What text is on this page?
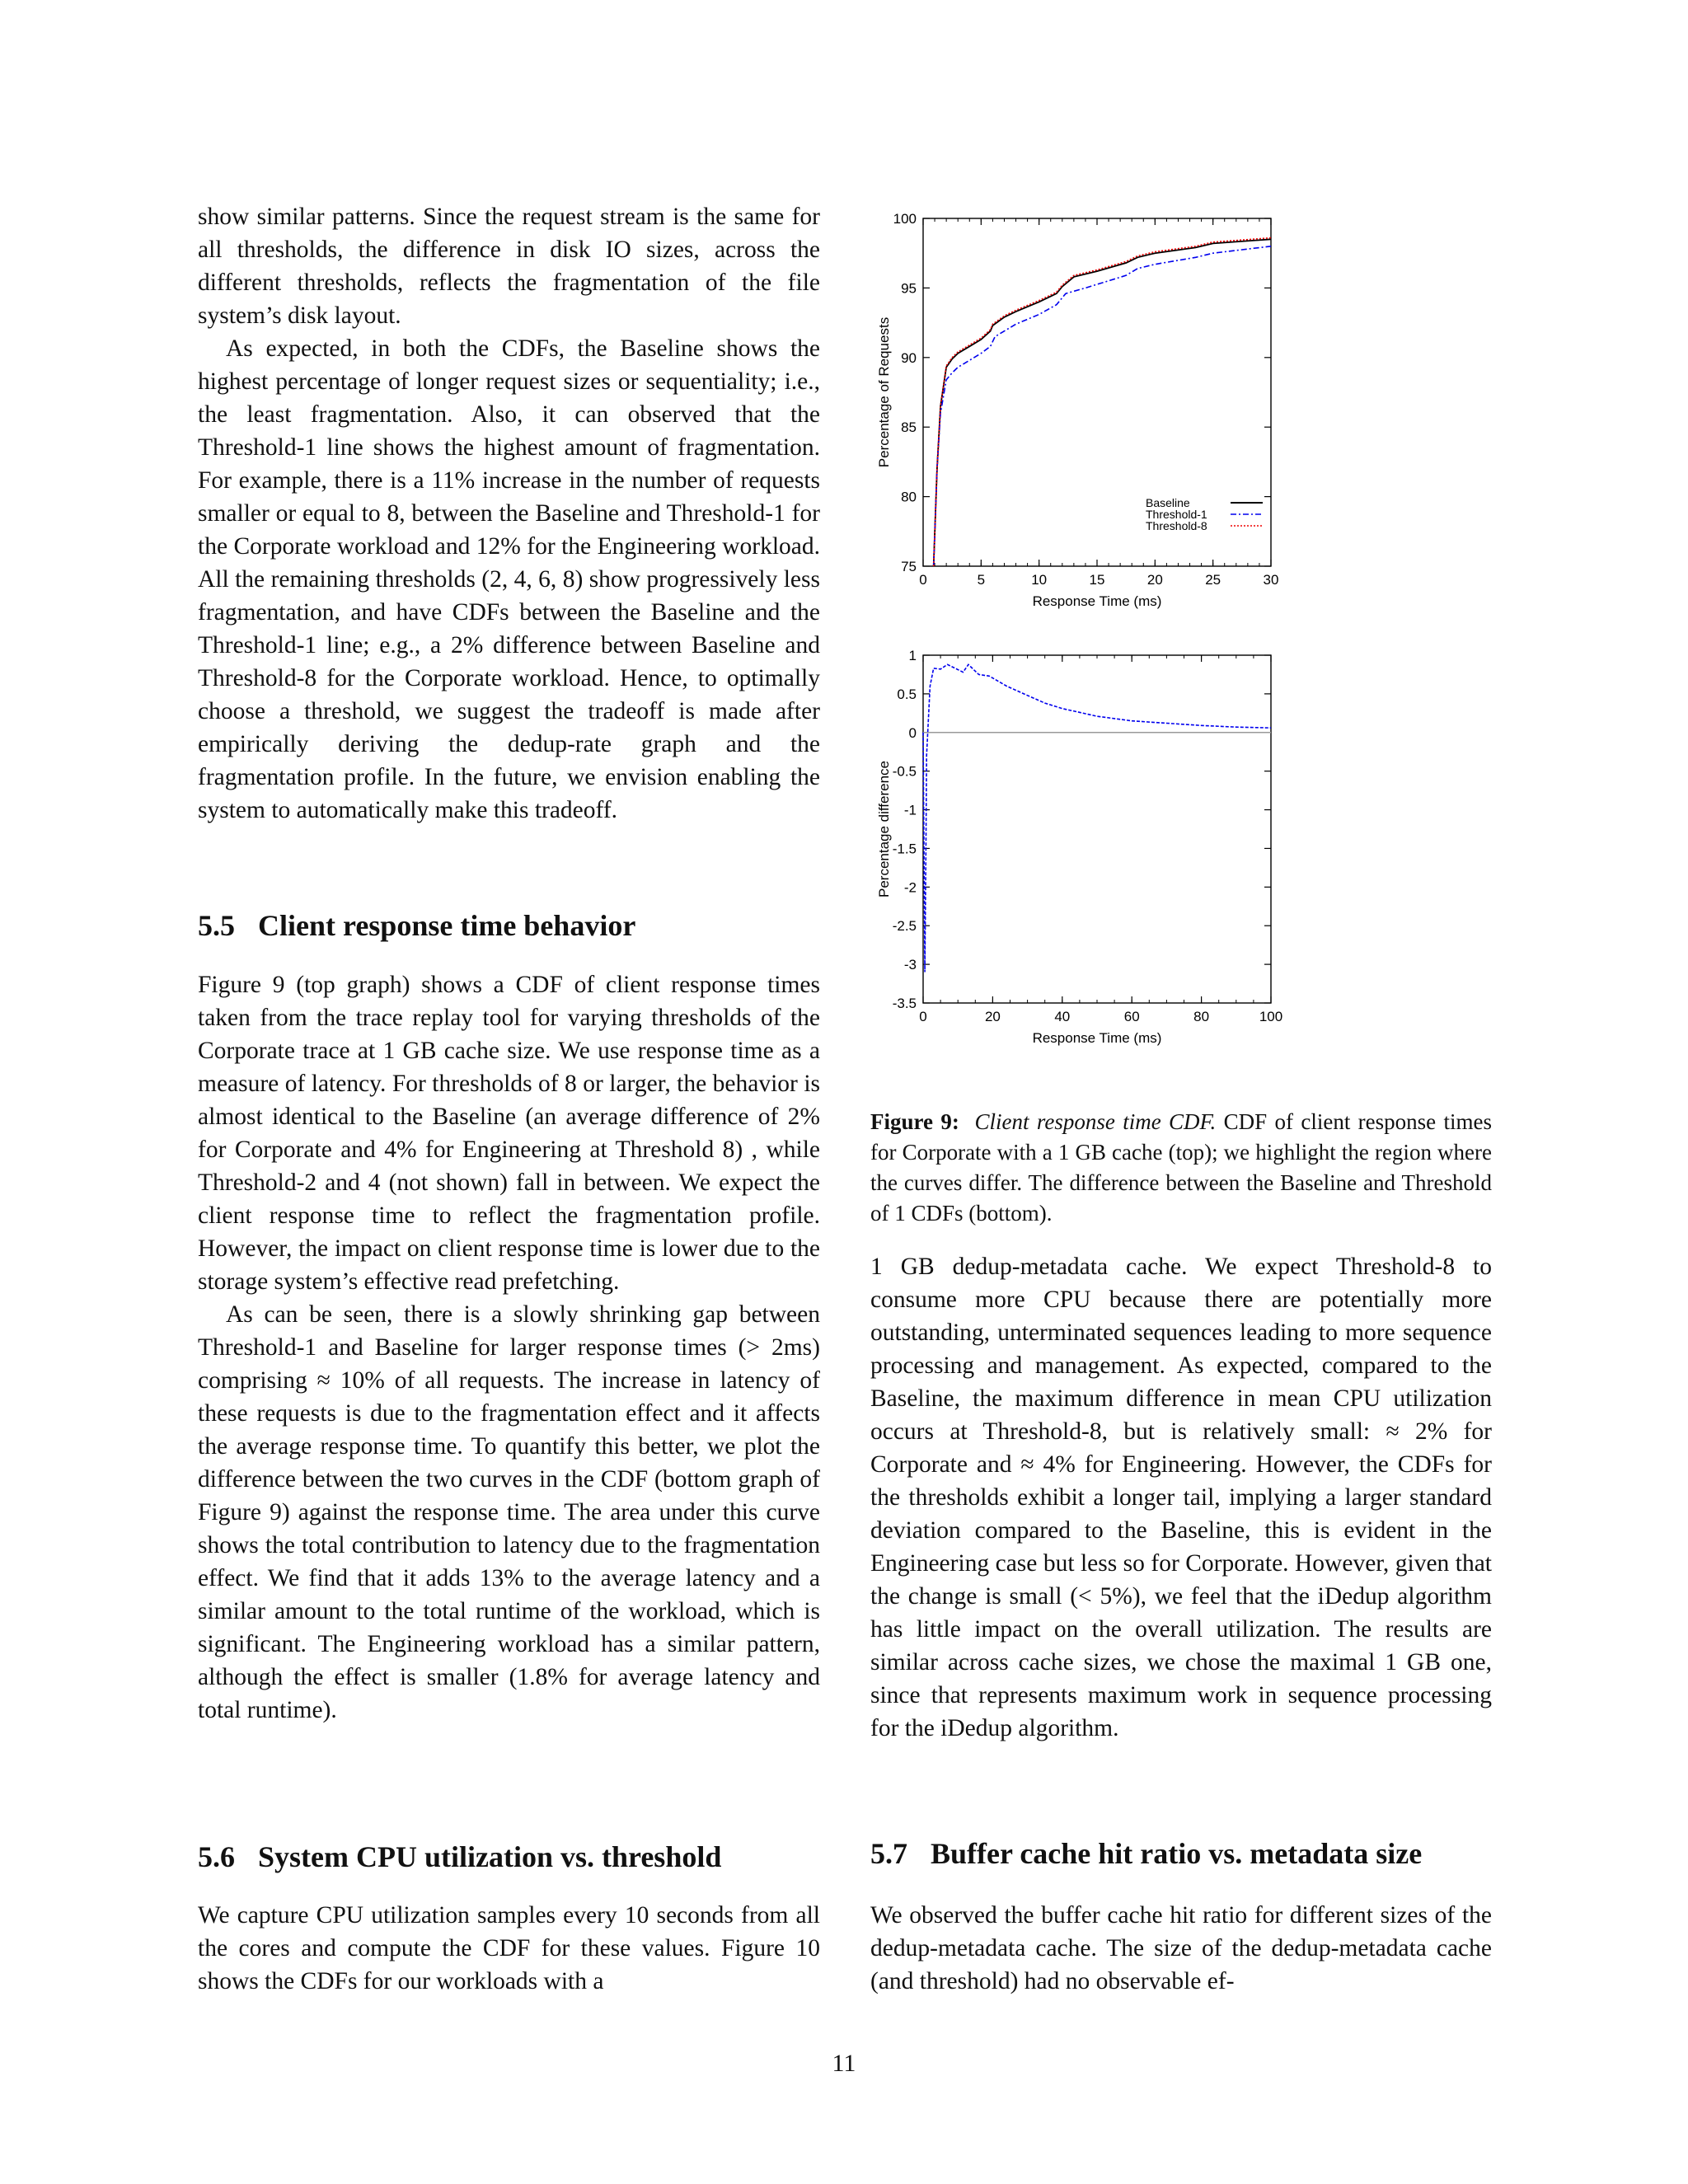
show similar patterns. Since the request stream is the same for all thresholds, the difference in disk IO sizes, across the different thresholds, reflects the fragmentation of the file system’s disk layout.

As expected, in both the CDFs, the Baseline shows the highest percentage of longer request sizes or sequentiality; i.e., the least fragmentation. Also, it can observed that the Threshold-1 line shows the highest amount of fragmentation. For example, there is a 11% increase in the number of requests smaller or equal to 8, between the Baseline and Threshold-1 for the Corporate workload and 12% for the Engineering workload. All the remaining thresholds (2, 4, 6, 8) show progressively less fragmentation, and have CDFs between the Baseline and the Threshold-1 line; e.g., a 2% difference between Baseline and Threshold-8 for the Corporate workload. Hence, to optimally choose a threshold, we suggest the tradeoff is made after empirically deriving the dedup-rate graph and the fragmentation profile. In the future, we envision enabling the system to automatically make this tradeoff.

5.5 Client response time behavior

Figure 9 (top graph) shows a CDF of client response times taken from the trace replay tool for varying thresholds of the Corporate trace at 1 GB cache size. We use response time as a measure of latency. For thresholds of 8 or larger, the behavior is almost identical to the Baseline (an average difference of 2% for Corporate and 4% for Engineering at Threshold 8) , while Threshold-2 and 4 (not shown) fall in between. We expect the client response time to reflect the fragmentation profile. However, the impact on client response time is lower due to the storage system’s effective read prefetching.

As can be seen, there is a slowly shrinking gap between Threshold-1 and Baseline for larger response times (> 2ms) comprising ≈ 10% of all requests. The increase in latency of these requests is due to the fragmentation effect and it affects the average response time. To quantify this better, we plot the difference between the two curves in the CDF (bottom graph of Figure 9) against the response time. The area under this curve shows the total contribution to latency due to the fragmentation effect. We find that it adds 13% to the average latency and a similar amount to the total runtime of the workload, which is significant. The Engineering workload has a similar pattern, although the effect is smaller (1.8% for average latency and total runtime).

5.6 System CPU utilization vs. threshold

We capture CPU utilization samples every 10 seconds from all the cores and compute the CDF for these values. Figure 10 shows the CDFs for our workloads with a

0	5	10	15	20	25	30
75
80
85
90
95
100
Response Time (ms)
Percentage of Requests
Baseline
Threshold-1
Threshold-8
0	20	40	60	80	100
-3.5
-3
-2.5
-2
-1.5
-1
-0.5
0
0.5
1
Response Time (ms)
Percentage difference
Figure 9: Client response time CDF. CDF of client response times for Corporate with a 1 GB cache (top); we highlight the region where the curves differ. The difference between the Baseline and Threshold of 1 CDFs (bottom).

1 GB dedup-metadata cache. We expect Threshold-8 to consume more CPU because there are potentially more outstanding, unterminated sequences leading to more sequence processing and management. As expected, compared to the Baseline, the maximum difference in mean CPU utilization occurs at Threshold-8, but is relatively small: ≈ 2% for Corporate and ≈ 4% for Engineering. However, the CDFs for the thresholds exhibit a longer tail, implying a larger standard deviation compared to the Baseline, this is evident in the Engineering case but less so for Corporate. However, given that the change is small (< 5%), we feel that the iDedup algorithm has little impact on the overall utilization. The results are similar across cache sizes, we chose the maximal 1 GB one, since that represents maximum work in sequence processing for the iDedup algorithm.

5.7 Buffer cache hit ratio vs. metadata size

We observed the buffer cache hit ratio for different sizes of the dedup-metadata cache. The size of the dedup-metadata cache (and threshold) had no observable ef-

11
